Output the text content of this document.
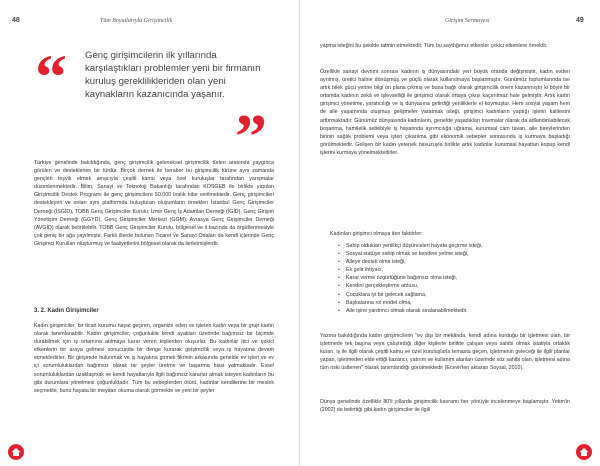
48	Tüm Boyutlarıyla Girişimcilik
“ Genç girişimcilerin ilk yıllarında karşılaştıkları problemler yeni bir firmanın kuruluş gereklilikleriden olan yeni kaynakların kazanıcında yaşanır.
”

Türkiye genelinde bakıldığında, genç girişimcilik geleneksel girişimcilik türleri arasında yaygınca görülen ve desteklenen bir türdür. Birçok dernek ile beraber bu girişimcilik türüne aynı zamanda gençleri teşvik etmek amacıyla çeşitli kamu veya özel kuruluşlar tarafından yarışmalar düzenlenmektedir. Bilim, Sanayi ve Teknoloji Bakanlığı tarafından KOSGEB ile birlikte yapılan Girişimcilik Destek Programı ile genç girişimcilere 50.000 liralık hibe verilmektedir. Genç girişimcileri destekleyen ve onları aynı platformda buluşturan oluşumların örneklen İstanbul Genç Girişimciler Derneği (İSGİD), TOBB Genç Girişimciler Kurulu, İzmir Genç İş Adamları Derneği (İGİD), Genç Girişim Yönetişim Derneği (GGYD), Genç Girişimciler Merkezi (GGM), Avrasya Genç Girişimciler Derneği (AVGİD) olarak belirtilebilir. TOBB Genç Girişimciler Kurulu, bölgesel ve il bazında da örgütlenmesiyle çok geniş bir ağa yayılmıştır. Farklı illerde bulunan Ticaret ve Sanayi Odaları da kendi içlerinde Genç Girişimci Kurulları oluşturmuş ve faaliyetlerini bölgesel olarak da ilerletmişlerdir.

3. 2. Kadın Girişimciler

Kadın girişimciler, bir ticari kurumu hayat geçiren, organize eden ve işleten kadın veya bir grup kadın olarak tanımlanabilir. Kadın girişimciler, çoğunlukla kendi ayakları üzerinde bağımsız bir biçimde durabilmek için iş ortamına atılmaya karar veren kişilerden oluşurlar. Bu kadınlar itici ve çekici etkenlerin bir araya gelmesi sonucunda bir denge kurarak girişimcilik veya iş hayatına devam etmektedirler. Bir girişimde bulunmak ve iş hayatına girmek fikrinin arkasında genelde ev işleri ve ev içi sorumluluklardan bağımsız olarak bir şeyler üretme ve başarma hissi yatmaktadır. Evsel sorumluluklardan uzaklaşmak ve kendi hayatlarıyla ilgili bağımsız kararlar almak isteyen kadınların bu gibi durumlara yönelmesi çoğunluktadır. Tüm bu sebeplerden ötürü, kadınlar kendilerine bir meslek seçmekte, bunu hayata bir meydan okuma olarak görmekte ve yeni bir şeyler

Girişim Sermayesi	49

yapma isteğini bu şekilde tatmin etmektedir. Tüm bu saydığımız etkenler çekici etkenlere örnektir.

Özellikle sanayi devrimi sonrası kadının iş dünyasındaki yeri büyük oranda değişmiştir, kadın evden ayrılmış, üretici haline dönüşmüş ve güçlü olarak kullanılmaya başlanmıştır. Günümüz toplumlarında ise artık bilek gücü yerine bilgi ön plana çıkmış ve buna bağlı olarak girişimcilik önem kazanmıştır ki böyle bir ortamda kadının zekâ ve işlevselliği ile girişimci olarak ortaya çıkışı kaçınılmaz hale gelmiştir. Artık kadın girişimci yönetime, yaratıcılığı ve iş dünyasına getirdiği yeniliklerle el koymuştur. Hem sosyal yaşam hem de aile yaşamında oluşmuş gelişmeler yaratmak isteği, girişimci kadınların yaptığı işlerin kalitesini arttırmaktadır. Günümüz dünyasında kadınların, genelde yaşadıkları travmalar olarak da adlandırılabilecek boşanma, hamilelik sebebiyle iş hayatında ayrımcılığa uğrama, kurumsal cam tavan, aile bireylerinden birinin sağlık problemi veya işten çıkarılma gibi ekonomik sebepler sonrasında iş kurmaya başladığı görülmektedir. Gelişen bir kadın yetenek havuzuyla birlikte artık kadınlar kurumsal hayattan kopup kendi işlerini kurmaya yönelmektedirler.

Kadınları girişimci olmaya iten faktörler:
• Sahip oldukları yenilikçi düşünceleri hayata geçirme isteği,
• Sosyal statüye sahip olmak ve kendine yetme isteği,
• Aileye destek olma isteği,
• Ek gelir ihtiyacı,
• Karar verme özgürlüğüne bağımsız olma isteği,
• Kendini gerçekleştirme arzusu,
• Çocuklara iyi bir gelecek sağlama,
• Başkalarına rol model olma,
• Aile işine yardımcı olmak olarak sıralanabilmektedir.

Yazına bakıldığında kadın girişimcilerin "ev dışı bir mekânda, kendi adına kurduğu bir işletmesi olan, bir işletmede tek başına veya çalıştırdığı diğer kişilerle birlikte çalışan veya sahibi olmak istatiyla ortaklık kuran, iş ile ilgili olarak çeşitli kamu ve özel kuruluşlarla temasta geçen, işletmenin geleceği ile ilgili planlar yapan, işletmeden elde ettiği kazancı, yatırım ve kullanım alanları üzerinde söz sahibi olan, işletmesi adına tüm riski üstlenen" olarak tanımlandığı görülmektedir (Ecevit'ten aktaran Soysal, 2010).

Dünya genelinde özellikle 80'li yıllarda girişimcilik kavramı her yönüyle incelenmeye başlamıştır. Yetim'in (2002) de belirttiği gibi kadın girişimciler ile ilgili
